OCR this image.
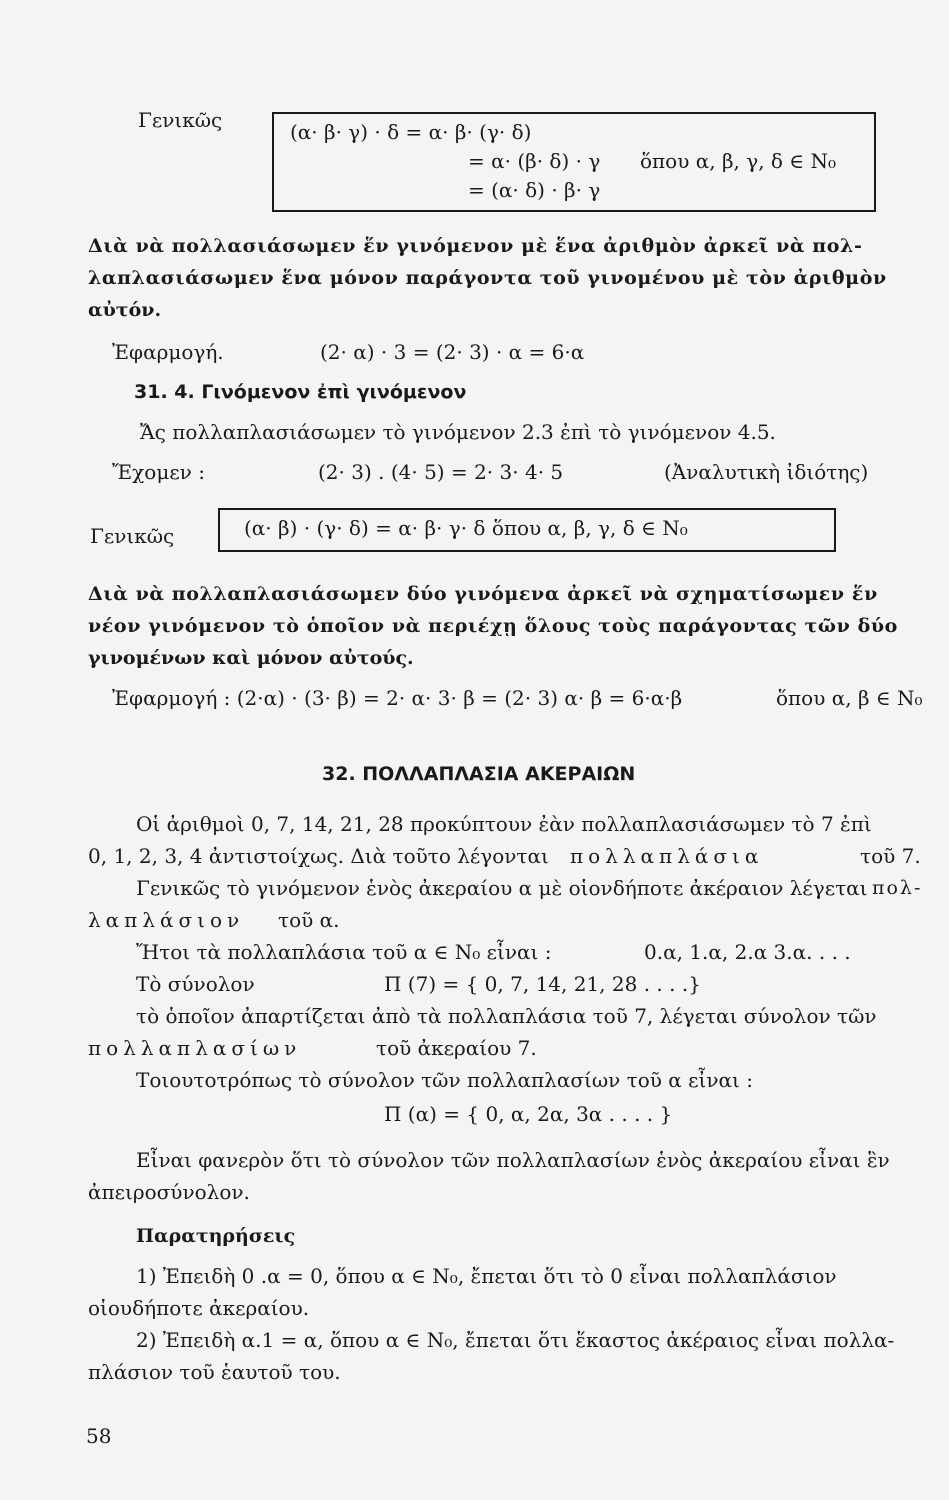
Γενικῶς	(α· β· γ) · δ = α· β· (γ· δ)
= α· (β· δ) · γ ὅπου α, β, γ, δ ∈ N₀
= (α· δ) · β· γ
Διὰ νὰ πολλασιάσωμεν ἕν γινόμενον μὲ ἕνα ἀριθμὸν ἀρκεῖ νὰ πολ-
λαπλασιάσωμεν ἕνα μόνον παράγοντα τοῦ γινομένου μὲ τὸν ἀριθμὸν
αὐτόν.
Ἐφαρμογή.	(2· α) · 3 = (2· 3) · α = 6·α
31. 4. Γινόμενον ἐπὶ γινόμενον
Ἄς πολλαπλασιάσωμεν τὸ γινόμενον 2.3 ἐπὶ τὸ γινόμενον 4.5.
Ἔχομεν :	(2· 3) . (4· 5) = 2· 3· 4· 5	(Ἀναλυτικὴ ἰδιότης)
Γενικῶς	(α· β) · (γ· δ) = α· β· γ· δ ὅπου α, β, γ, δ ∈ N₀
Διὰ νὰ πολλαπλασιάσωμεν δύο γινόμενα ἀρκεῖ νὰ σχηματίσωμεν ἕν
νέον γινόμενον τὸ ὁποῖον νὰ περιέχῃ ὅλους τοὺς παράγοντας τῶν δύο
γινομένων καὶ μόνον αὐτούς.
Ἐφαρμογή : (2·α) · (3· β) = 2· α· 3· β = (2· 3) α· β = 6·α·β	ὅπου α, β ∈ N₀
32. ΠΟΛΛΑΠΛΑΣΙΑ ΑΚΕΡΑΙΩΝ
Οἱ ἀριθμοὶ 0, 7, 14, 21, 28 προκύπτουν ἐὰν πολλαπλασιάσωμεν τὸ 7 ἐπὶ
0, 1, 2, 3, 4 ἀντιστοίχως. Διὰ τοῦτο λέγονται πολλαπλάσια	τοῦ 7.
Γενικῶς τὸ γινόμενον ἑνὸς ἀκεραίου α μὲ οἱονδήποτε ἀκέραιον λέγεται πολ-
λαπλάσιον τοῦ α.
Ἤτοι τὰ πολλαπλάσια τοῦ α ∈ N₀ εἶναι :	0.α, 1.α, 2.α 3.α. . . .
Τὸ σύνολον	Π (7) = { 0, 7, 14, 21, 28 . . . .}
τὸ ὁποῖον ἀπαρτίζεται ἀπὸ τὰ πολλαπλάσια τοῦ 7, λέγεται σύνολον τῶν
πολλαπλασίων	τοῦ ἀκεραίου 7.
Τοιουτοτρόπως τὸ σύνολον τῶν πολλαπλασίων τοῦ α εἶναι :
Π (α) = { 0, α, 2α, 3α . . . . }
Εἶναι φανερὸν ὅτι τὸ σύνολον τῶν πολλαπλασίων ἑνὸς ἀκεραίου εἶναι ἓν
ἀπειροσύνολον.
Παρατηρήσεις
1) Ἐπειδὴ 0 .α = 0, ὅπου α ∈ N₀, ἔπεται ὅτι τὸ 0 εἶναι πολλαπλάσιον
οἱουδήποτε ἀκεραίου.
2) Ἐπειδὴ α.1 = α, ὅπου α ∈ N₀, ἔπεται ὅτι ἕκαστος ἀκέραιος εἶναι πολλα-
πλάσιον τοῦ ἑαυτοῦ του.
58
